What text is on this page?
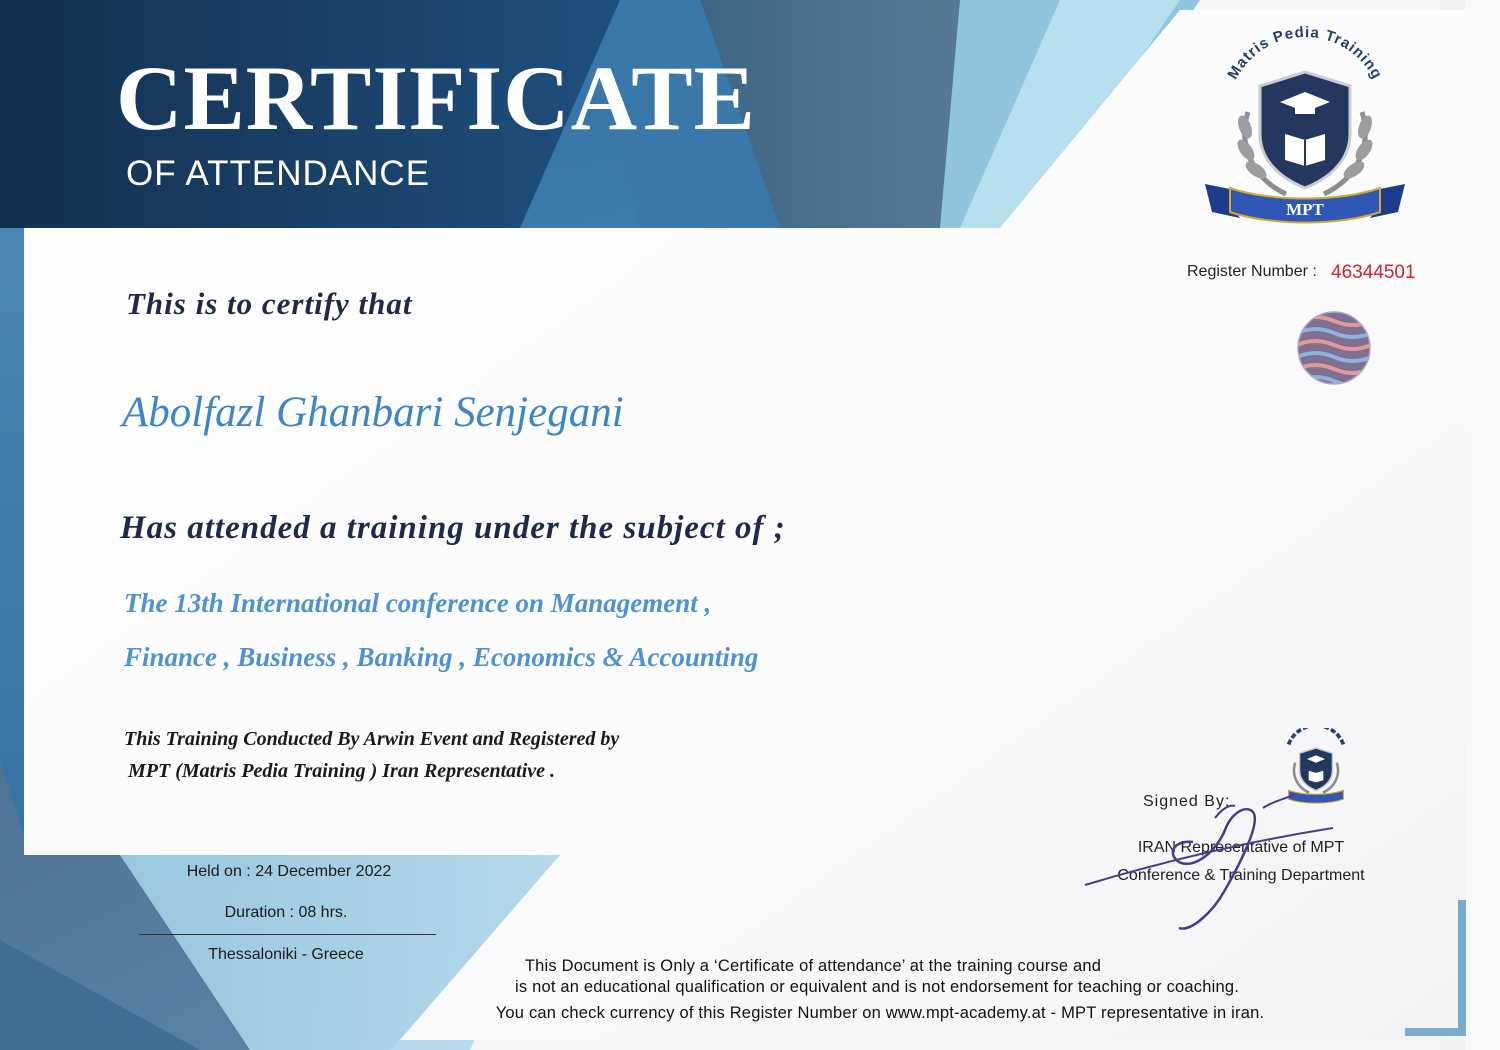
CERTIFICATE
OF ATTENDANCE
MPT
Matris Pedia Training
Register Number : 46344501
This is to certify that
Abolfazl Ghanbari Senjegani
Has attended a training under the subject of ;
The 13th International conference on Management ,
Finance , Business , Banking , Economics & Accounting
This Training Conducted By Arwin Event and Registered by
MPT (Matris Pedia Training ) Iran Representative .
Signed By:
IRAN Representative of MPT
Conference & Training Department
Held on : 24 December 2022
Duration : 08 hrs.
Thessaloniki - Greece
This Document is Only a ‘Certificate of attendance’ at the training course and
is not an educational qualification or equivalent and is not endorsement for teaching or coaching.
You can check currency of this Register Number on www.mpt-academy.at - MPT representative in iran.
